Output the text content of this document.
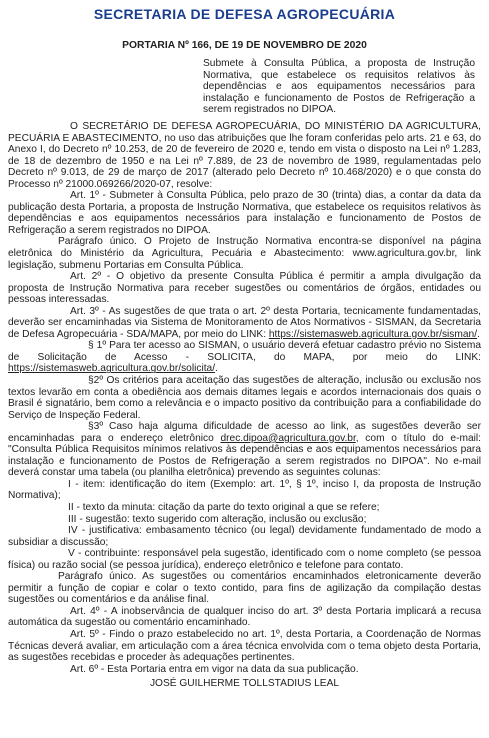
SECRETARIA DE DEFESA AGROPECUÁRIA
PORTARIA Nº 166, DE 19 DE NOVEMBRO DE 2020
Submete à Consulta Pública, a proposta de Instrução Normativa, que estabelece os requisitos relativos às dependências e aos equipamentos necessários para instalação e funcionamento de Postos de Refrigeração a serem registrados no DIPOA.

O SECRETÁRIO DE DEFESA AGROPECUÁRIA, DO MINISTÉRIO DA AGRICULTURA, PECUÁRIA E ABASTECIMENTO, no uso das atribuições que lhe foram conferidas pelo arts. 21 e 63, do Anexo I, do Decreto nº 10.253, de 20 de fevereiro de 2020 e, tendo em vista o disposto na Lei nº 1.283, de 18 de dezembro de 1950 e na Lei nº 7.889, de 23 de novembro de 1989, regulamentadas pelo Decreto nº 9.013, de 29 de março de 2017 (alterado pelo Decreto nº 10.468/2020) e o que consta do Processo nº 21000.069266/2020-07, resolve:

Art. 1º - Submeter à Consulta Pública, pelo prazo de 30 (trinta) dias, a contar da data da publicação desta Portaria, a proposta de Instrução Normativa, que estabelece os requisitos relativos às dependências e aos equipamentos necessários para instalação e funcionamento de Postos de Refrigeração a serem registrados no DIPOA.

Parágrafo único. O Projeto de Instrução Normativa encontra-se disponível na página eletrônica do Ministério da Agricultura, Pecuária e Abastecimento: www.agricultura.gov.br, link legislação, submenu Portarias em Consulta Pública.

Art. 2º - O objetivo da presente Consulta Pública é permitir a ampla divulgação da proposta de Instrução Normativa para receber sugestões ou comentários de órgãos, entidades ou pessoas interessadas.

Art. 3º - As sugestões de que trata o art. 2º desta Portaria, tecnicamente fundamentadas, deverão ser encaminhadas via Sistema de Monitoramento de Atos Normativos - SISMAN, da Secretaria de Defesa Agropecuária - SDA/MAPA, por meio do LINK: https://sistemasweb.agricultura.gov.br/sisman/.

§ 1º Para ter acesso ao SISMAN, o usuário deverá efetuar cadastro prévio no Sistema de Solicitação de Acesso - SOLICITA, do MAPA, por meio do LINK: https://sistemasweb.agricultura.gov.br/solicita/.

§2º Os critérios para aceitação das sugestões de alteração, inclusão ou exclusão nos textos levarão em conta a obediência aos demais ditames legais e acordos internacionais dos quais o Brasil é signatário, bem como a relevância e o impacto positivo da contribuição para a confiabilidade do Serviço de Inspeção Federal.

§3º Caso haja alguma dificuldade de acesso ao link, as sugestões deverão ser encaminhadas para o endereço eletrônico drec.dipoa@agricultura.gov.br, com o título do e-mail: "Consulta Pública Requisitos mínimos relativos às dependências e aos equipamentos necessários para instalação e funcionamento de Postos de Refrigeração a serem registrados no DIPOA". No e-mail deverá constar uma tabela (ou planilha eletrônica) prevendo as seguintes colunas:

I - item: identificação do item (Exemplo: art. 1º, § 1º, inciso I, da proposta de Instrução Normativa);

II - texto da minuta: citação da parte do texto original a que se refere;

III - sugestão: texto sugerido com alteração, inclusão ou exclusão;

IV - justificativa: embasamento técnico (ou legal) devidamente fundamentado de modo a subsidiar a discussão;

V - contribuinte: responsável pela sugestão, identificado com o nome completo (se pessoa física) ou razão social (se pessoa jurídica), endereço eletrônico e telefone para contato.

Parágrafo único. As sugestões ou comentários encaminhados eletronicamente deverão permitir a função de copiar e colar o texto contido, para fins de agilização da compilação destas sugestões ou comentários e da análise final.

Art. 4º - A inobservância de qualquer inciso do art. 3º desta Portaria implicará a recusa automática da sugestão ou comentário encaminhado.

Art. 5º - Findo o prazo estabelecido no art. 1º, desta Portaria, a Coordenação de Normas Técnicas deverá avaliar, em articulação com a área técnica envolvida com o tema objeto desta Portaria, as sugestões recebidas e proceder às adequações pertinentes.

Art. 6º - Esta Portaria entra em vigor na data da sua publicação.

JOSÉ GUILHERME TOLLSTADIUS LEAL
